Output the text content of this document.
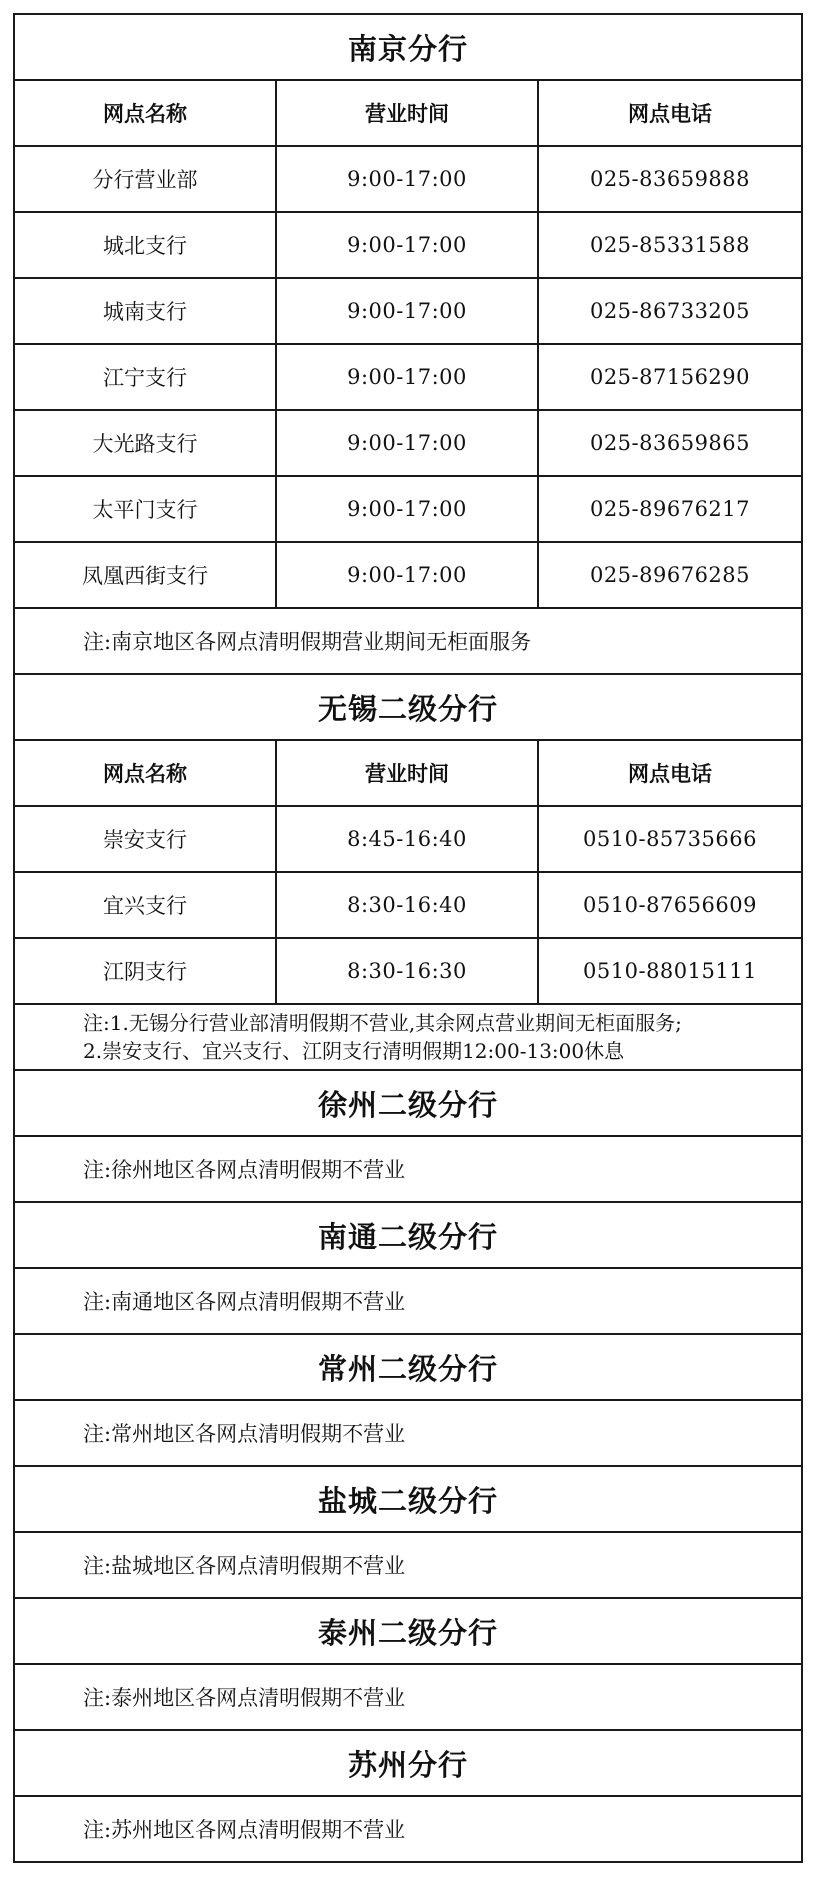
南京分行		
网点名称	营业时间	网点电话
分行营业部	9:00-17:00	025-83659888
城北支行	9:00-17:00	025-85331588
城南支行	9:00-17:00	025-86733205
江宁支行	9:00-17:00	025-87156290
大光路支行	9:00-17:00	025-83659865
太平门支行	9:00-17:00	025-89676217
凤凰西街支行	9:00-17:00	025-89676285
注:南京地区各网点清明假期营业期间无柜面服务		
无锡二级分行		
网点名称	营业时间	网点电话
崇安支行	8:45-16:40	0510-85735666
宜兴支行	8:30-16:40	0510-87656609
江阴支行	8:30-16:30	0510-88015111

注:1.无锡分行营业部清明假期不营业,其余网点营业期间无柜面服务;
2.崇安支行、宜兴支行、江阴支行清明假期12:00-13:00休息		

徐州二级分行		
注:徐州地区各网点清明假期不营业		
南通二级分行		
注:南通地区各网点清明假期不营业		
常州二级分行		
注:常州地区各网点清明假期不营业		
盐城二级分行		
注:盐城地区各网点清明假期不营业		
泰州二级分行		
注:泰州地区各网点清明假期不营业		
苏州分行		
注:苏州地区各网点清明假期不营业		
